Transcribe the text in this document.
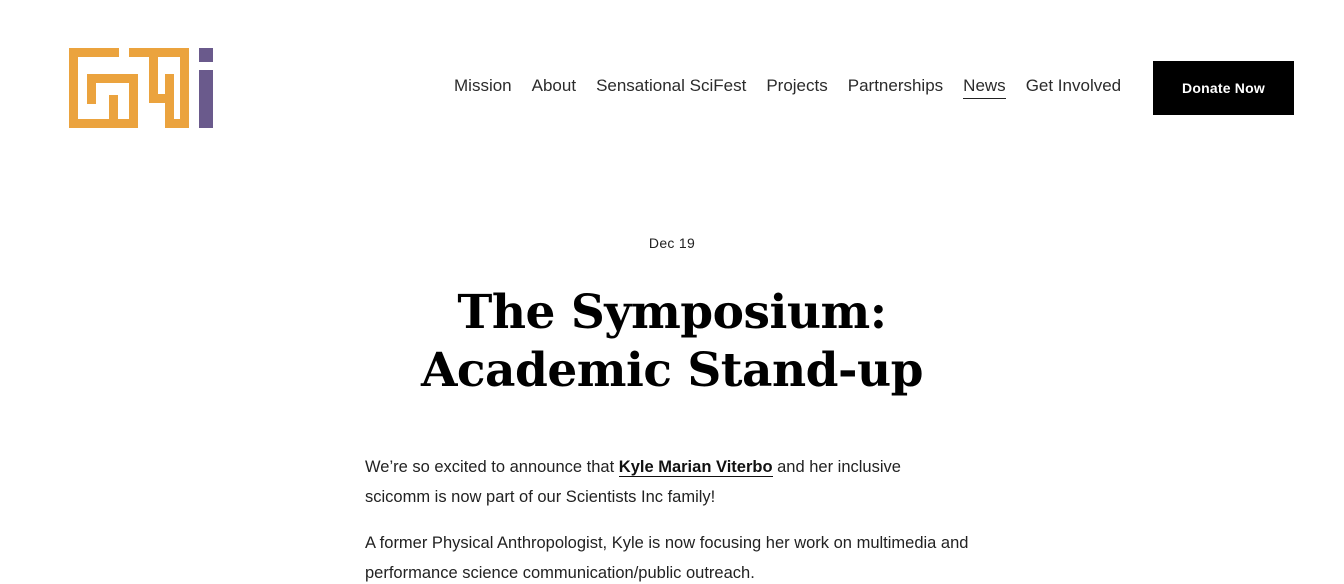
Mission About Sensational SciFest Projects Partnerships News Get Involved	Donate Now
Dec 19
The Symposium: Academic Stand-up

We’re so excited to announce that Kyle Marian Viterbo and her inclusive scicomm is now part of our Scientists Inc family!

A former Physical Anthropologist, Kyle is now focusing her work on multimedia and performance science communication/public outreach.
